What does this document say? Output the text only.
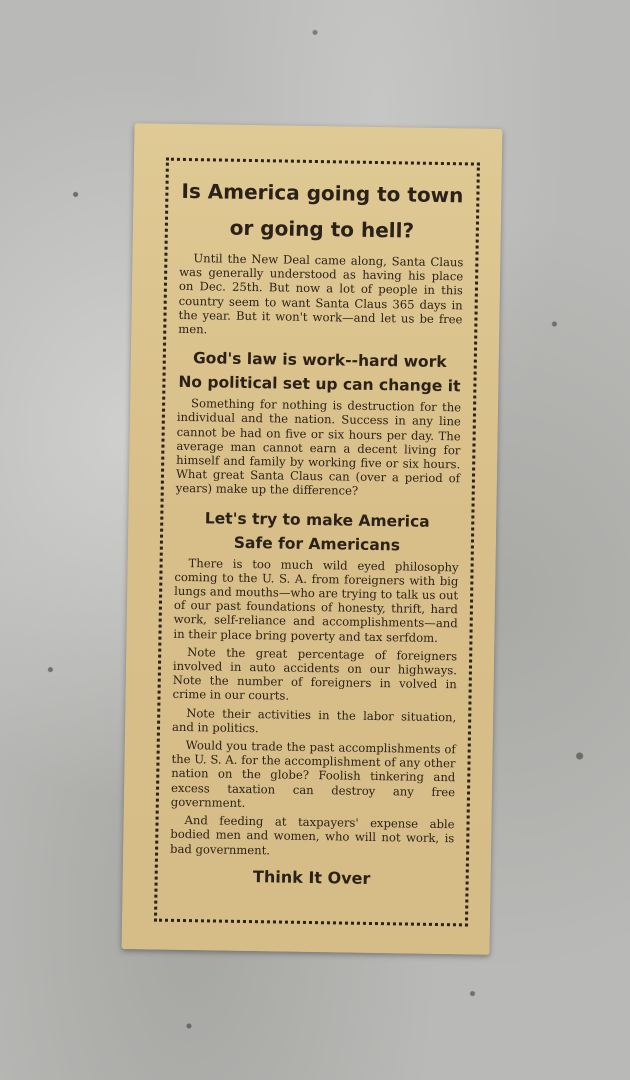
Is America going to town
or going to hell?

Until the New Deal came along, Santa Claus was generally understood as having his place on Dec. 25th. But now a lot of people in this country seem to want Santa Claus 365 days in the year. But it won't work—and let us be free men.

God's law is work--hard work
No political set up can change it

Something for nothing is destruction for the individual and the nation. Success in any line cannot be had on five or six hours per day. The average man cannot earn a decent living for himself and family by working five or six hours. What great Santa Claus can (over a period of years) make up the difference?

Let's try to make America
Safe for Americans

There is too much wild eyed philosophy coming to the U. S. A. from foreigners with big lungs and mouths—who are trying to talk us out of our past foundations of honesty, thrift, hard work, self-reliance and accomplishments—and in their place bring poverty and tax serfdom.

Note the great percentage of foreigners involved in auto accidents on our highways. Note the number of foreigners in volved in crime in our courts.

Note their activities in the labor situation, and in politics.

Would you trade the past accomplishments of the U. S. A. for the accomplishment of any other nation on the globe? Foolish tinkering and excess taxation can destroy any free government.

And feeding at taxpayers' expense able bodied men and women, who will not work, is bad government.

Think It Over
